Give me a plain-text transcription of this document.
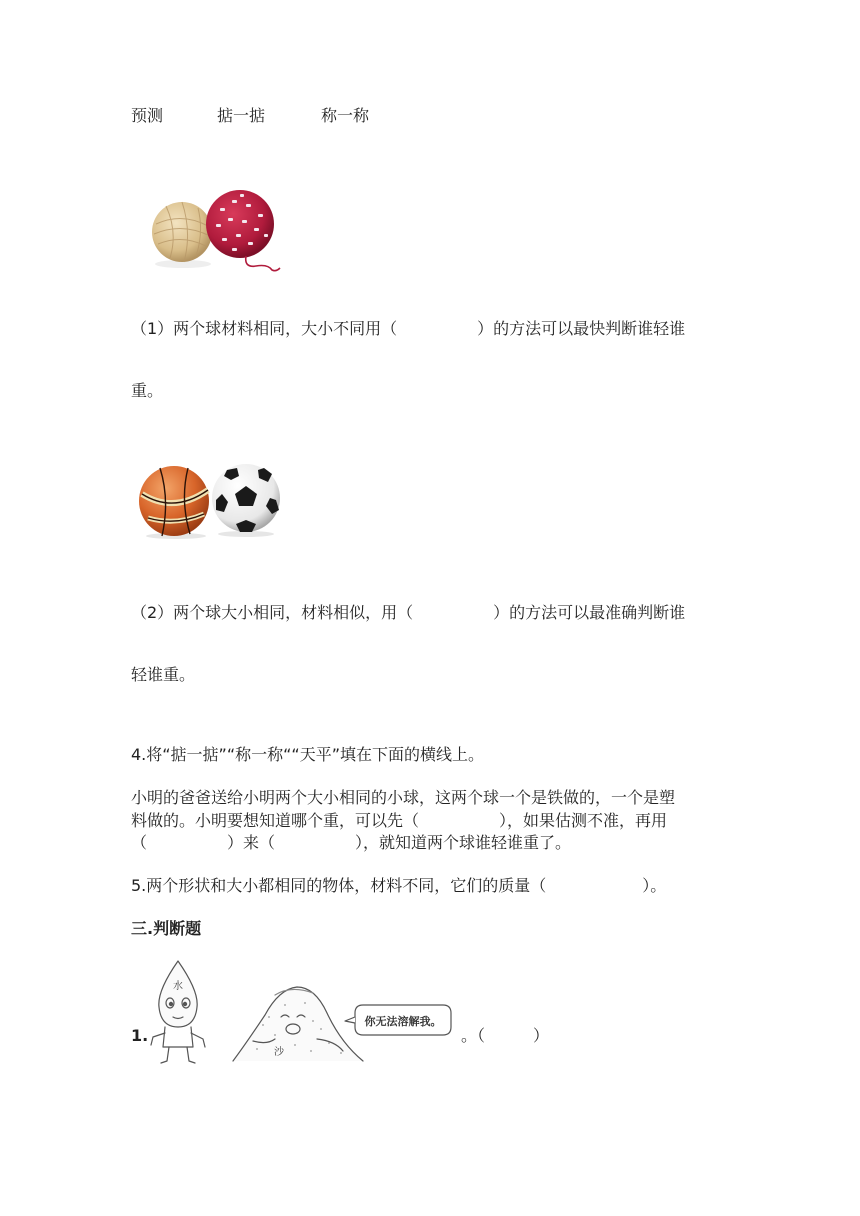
预测	掂一掂	称一称
（1）两个球材料相同，大小不同用（　　　　　）的方法可以最快判断谁轻谁
重。
（2）两个球大小相同，材料相似，用（　　　　　）的方法可以最准确判断谁
轻谁重。
4.将“掂一掂”“称一称““天平”填在下面的横线上。
小明的爸爸送给小明两个大小相同的小球，这两个球一个是铁做的，一个是塑
料做的。小明要想知道哪个重，可以先（　　　　　），如果估测不准，再用
（　　　　　）来（　　　　　），就知道两个球谁轻谁重了。
5.两个形状和大小都相同的物体，材料不同，它们的质量（　　　　　　）。
三.判断题
1.
水
沙
你无法溶解我。
。（　　　）
